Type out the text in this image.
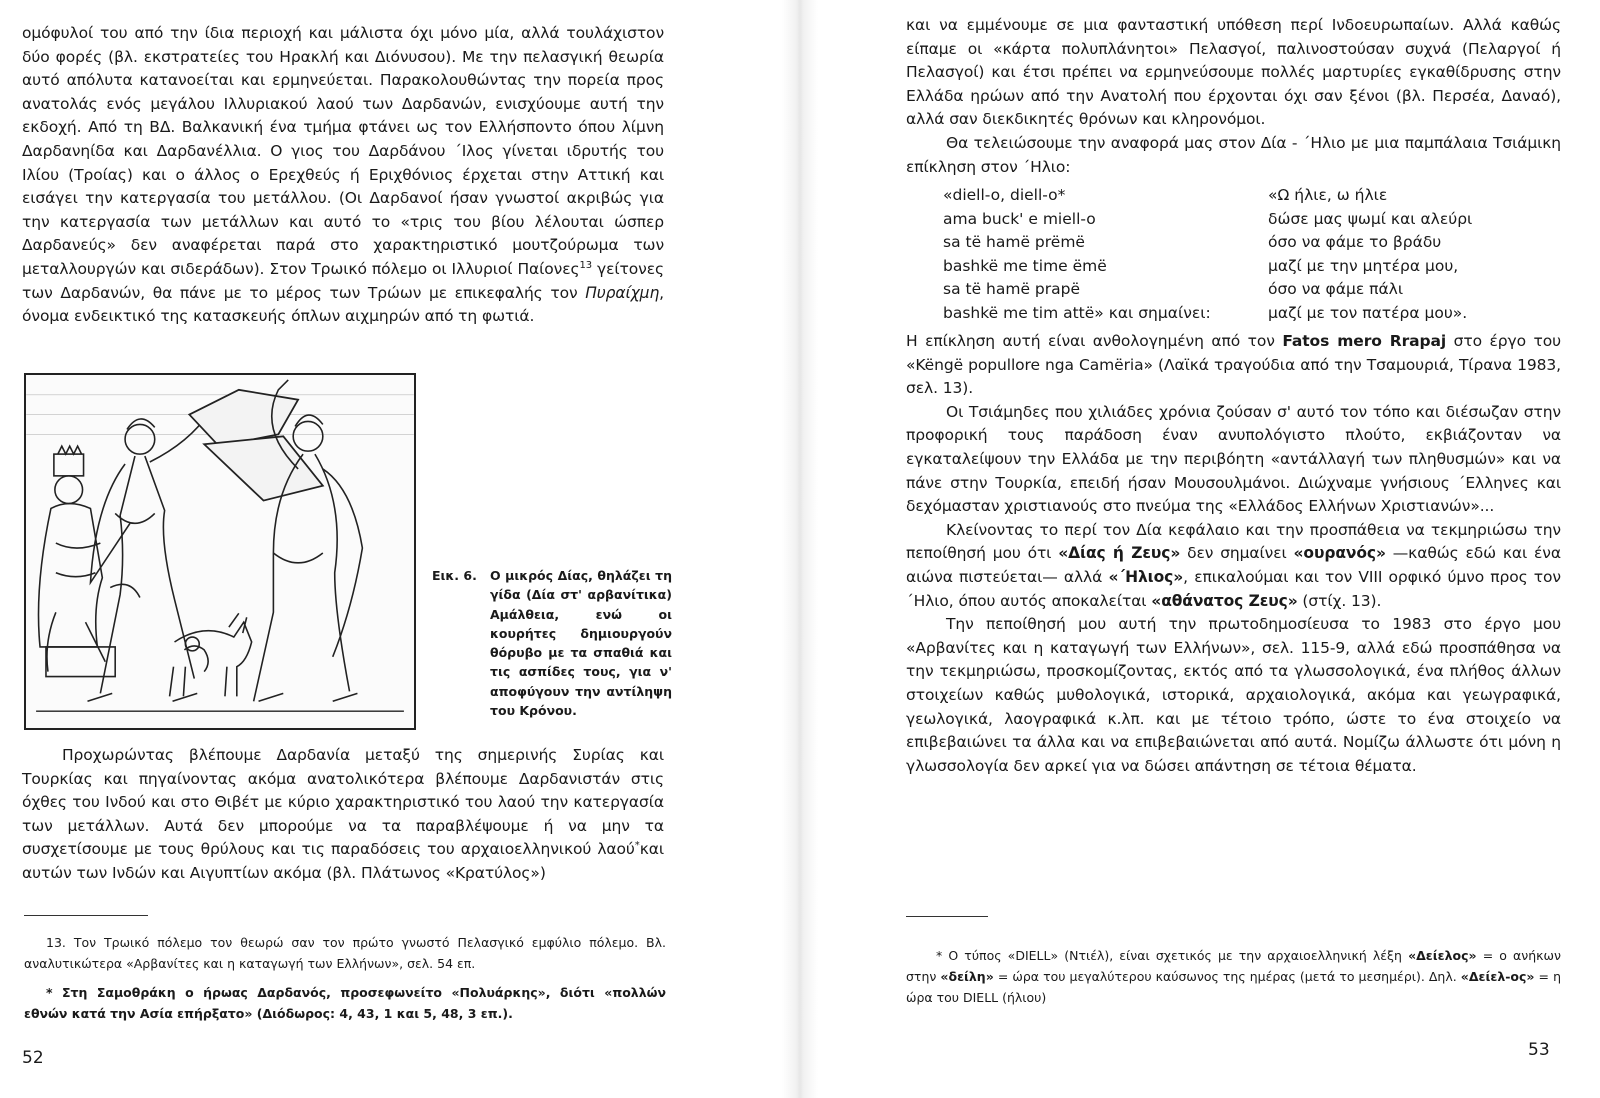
ομόφυλοί του από την ίδια περιοχή και μάλιστα όχι μόνο μία, αλλά τουλάχιστον δύο φορές (βλ. εκστρατείες του Ηρακλή και Διόνυσου). Με την πελασγική θεωρία αυτό απόλυτα κατανοείται και ερμηνεύεται. Παρακολουθώντας την πορεία προς ανατολάς ενός μεγάλου Ιλλυριακού λαού των Δαρδανών, ενισχύουμε αυτή την εκδοχή. Από τη ΒΔ. Βαλκανική ένα τμήμα φτάνει ως τον Ελλήσποντο όπου λίμνη Δαρδανηίδα και Δαρδανέλλια. Ο γιος του Δαρδάνου ΄Ιλος γίνεται ιδρυτής του Ιλίου (Τροίας) και ο άλλος ο Ερεχθεύς ή Εριχθόνιος έρχεται στην Αττική και εισάγει την κατεργασία του μετάλλου. (Οι Δαρδανοί ήσαν γνωστοί ακριβώς για την κατεργασία των μετάλλων και αυτό το «τρις του βίου λέλουται ώσπερ Δαρδανεύς» δεν αναφέρεται παρά στο χαρακτηριστικό μουτζούρωμα των μεταλλουργών και σιδεράδων). Στον Τρωικό πόλεμο οι Ιλλυριοί Παίονες$^{13}$ γείτονες των Δαρδανών, θα πάνε με το μέρος των Τρώων με επικεφαλής τον Πυραίχμη, όνομα ενδεικτικό της κατασκευής όπλων αιχμηρών από τη φωτιά.

Εικ. 6.	Ο μικρός Δίας, θηλάζει τη γίδα (Δία στ' αρβανίτικα) Αμάλθεια, ενώ οι κουρήτες δημιουργούν θόρυβο με τα σπαθιά και τις ασπίδες τους, για ν' αποφύγουν την αντίληψη του Κρόνου.

Προχωρώντας βλέπουμε Δαρδανία μεταξύ της σημερινής Συρίας και Τουρκίας και πηγαίνοντας ακόμα ανατολικότερα βλέπουμε Δαρδανιστάν στις όχθες του Ινδού και στο Θιβέτ με κύριο χαρακτηριστικό του λαού την κατεργασία των μετάλλων. Αυτά δεν μπορούμε να τα παραβλέψουμε ή να μην τα συσχετίσουμε με τους θρύλους και τις παραδόσεις του αρχαιοελληνικού λαού*και αυτών των Ινδών και Αιγυπτίων ακόμα (βλ. Πλάτωνος «Κρατύλος»)

13. Τον Τρωικό πόλεμο τον θεωρώ σαν τον πρώτο γνωστό Πελασγικό εμφύλιο πόλεμο. Βλ. αναλυτικώτερα «Αρβανίτες και η καταγωγή των Ελλήνων», σελ. 54 επ.

* Στη Σαμοθράκη ο ήρωας Δαρδανός, προσεφωνείτο «Πολυάρκης», διότι «πολλών εθνών κατά την Ασία επήρξατο» (Διόδωρος: 4, 43, 1 και 5, 48, 3 επ.).

52

και να εμμένουμε σε μια φανταστική υπόθεση περί Ινδοευρωπαίων. Αλλά καθώς είπαμε οι «κάρτα πολυπλάνητοι» Πελασγοί, παλινοστούσαν συχνά (Πελαργοί ή Πελασγοί) και έτσι πρέπει να ερμηνεύσουμε πολλές μαρτυρίες εγκαθίδρυσης στην Ελλάδα ηρώων από την Ανατολή που έρχονται όχι σαν ξένοι (βλ. Περσέα, Δαναό), αλλά σαν διεκδικητές θρόνων και κληρονόμοι.

Θα τελειώσουμε την αναφορά μας στον Δία - ΄Ηλιο με μια παμπάλαια Τσιάμικη επίκληση στον ΄Ηλιο:

«diell-o, diell-o*	«Ω ήλιε, ω ήλιε
ama buck' e miell-o	δώσε μας ψωμί και αλεύρι
sa të hamë prëmë	όσο να φάμε το βράδυ
bashkë me time ëmë	μαζί με την μητέρα μου,
sa të hamë prapë	όσο να φάμε πάλι
bashkë me tim attë» και σημαίνει:	μαζί με τον πατέρα μου».

Η επίκληση αυτή είναι ανθολογημένη από τον Fatos mero Rrapaj στο έργο του «Këngë popullore nga Camëria» (Λαϊκά τραγούδια από την Τσαμουριά, Τίρανα 1983, σελ. 13).

Οι Τσιάμηδες που χιλιάδες χρόνια ζούσαν σ' αυτό τον τόπο και διέσωζαν στην προφορική τους παράδοση έναν ανυπολόγιστο πλούτο, εκβιάζονταν να εγκαταλείψουν την Ελλάδα με την περιβόητη «αντάλλαγή των πληθυσμών» και να πάνε στην Τουρκία, επειδή ήσαν Μουσουλμάνοι. Διώχναμε γνήσιους ΄Ελληνες και δεχόμασταν χριστιανούς στο πνεύμα της «Ελλάδος Ελλήνων Χριστιανών»...

Κλείνοντας το περί τον Δία κεφάλαιο και την προσπάθεια να τεκμηριώσω την πεποίθησή μου ότι «Δίας ή Ζευς» δεν σημαίνει «ουρανός» —καθώς εδώ και ένα αιώνα πιστεύεται— αλλά «΄Ηλιος», επικαλούμαι και τον VIII ορφικό ύμνο προς τον ΄Ηλιο, όπου αυτός αποκαλείται «αθάνατος Ζευς» (στίχ. 13).

Την πεποίθησή μου αυτή την πρωτοδημοσίευσα το 1983 στο έργο μου «Αρβανίτες και η καταγωγή των Ελλήνων», σελ. 115-9, αλλά εδώ προσπάθησα να την τεκμηριώσω, προσκομίζοντας, εκτός από τα γλωσσολογικά, ένα πλήθος άλλων στοιχείων καθώς μυθολογικά, ιστορικά, αρχαιολογικά, ακόμα και γεωγραφικά, γεωλογικά, λαογραφικά κ.λπ. και με τέτοιο τρόπο, ώστε το ένα στοιχείο να επιβεβαιώνει τα άλλα και να επιβεβαιώνεται από αυτά. Νομίζω άλλωστε ότι μόνη η γλωσσολογία δεν αρκεί για να δώσει απάντηση σε τέτοια θέματα.

* Ο τύπος «DIELL» (Ντιέλ), είναι σχετικός με την αρχαιοελληνική λέξη «Δείελος» = ο ανήκων στην «δείλη» = ώρα του μεγαλύτερου καύσωνος της ημέρας (μετά το μεσημέρι). Δηλ. «Δείελ-ος» = η ώρα του DIELL (ήλιου)

53
